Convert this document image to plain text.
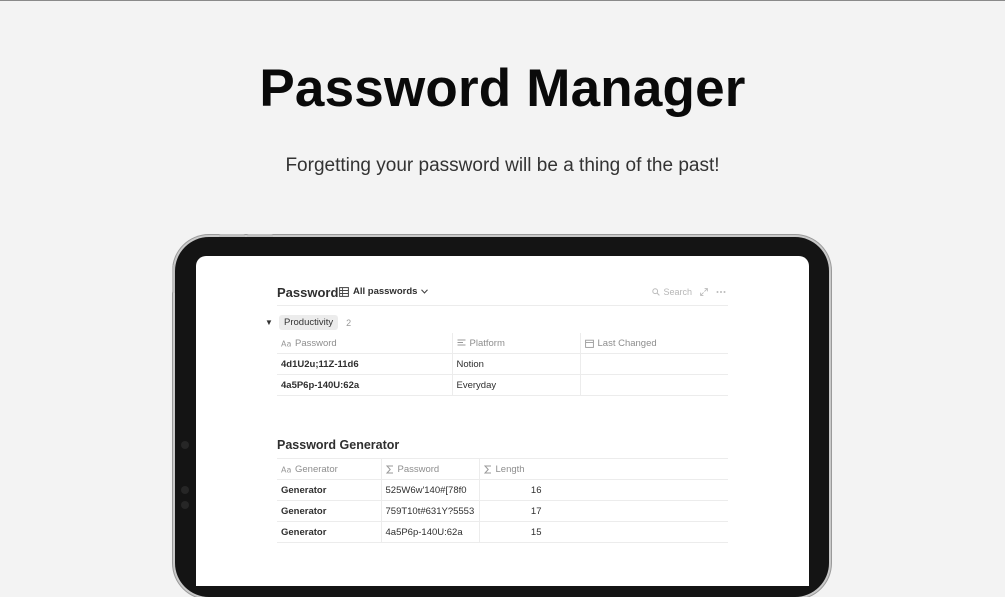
Password Manager

Forgetting your password will be a thing of the past!

Password All passwords	Search
▼	Productivity	2
Aa Password	Platform	Last Changed

4d1U2u;11Z-11d6	Notion	
4a5P6p-140U:62a	Everyday	
Password Generator
Aa Generator	Password	Length

Generator	525W6w'140#[78f0	16
Generator	759T10t#631Y?5553	17
Generator	4a5P6p-140U:62a	15
